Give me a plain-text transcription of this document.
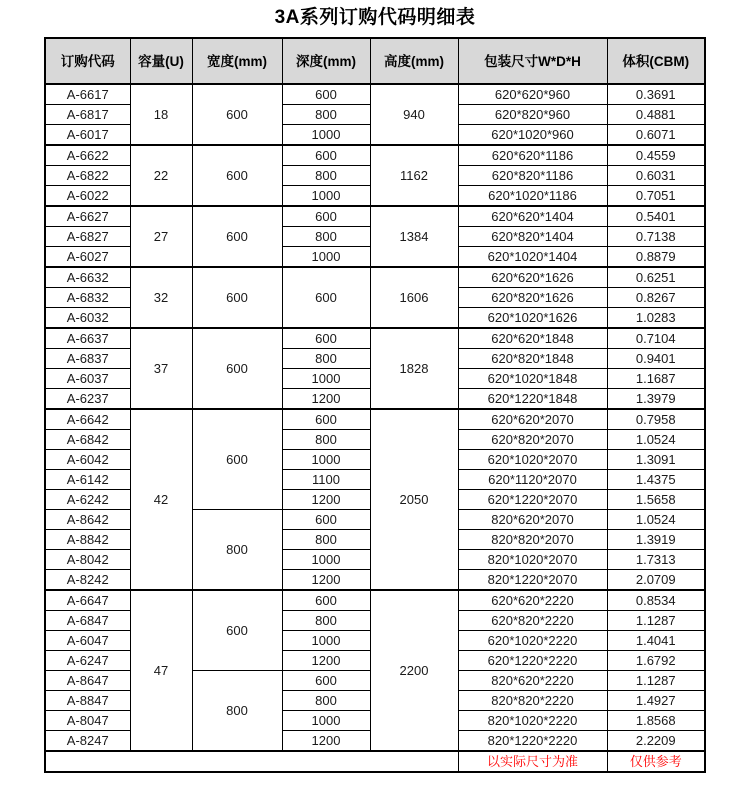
3A系列订购代码明细表
订购代码	容量(U)	宽度(mm)	深度(mm)	高度(mm)	包装尺寸W*D*H	体积(CBM)
A-6617	18	600	600	940	620*620*960	0.3691
A-6817			800		620*820*960	0.4881
A-6017			1000		620*1020*960	0.6071
A-6622	22	600	600	1162	620*620*1186	0.4559
A-6822			800		620*820*1186	0.6031
A-6022			1000		620*1020*1186	0.7051
A-6627	27	600	600	1384	620*620*1404	0.5401
A-6827			800		620*820*1404	0.7138
A-6027			1000		620*1020*1404	0.8879
A-6632	32	600	600	1606	620*620*1626	0.6251
A-6832					620*820*1626	0.8267
A-6032					620*1020*1626	1.0283
A-6637	37	600	600	1828	620*620*1848	0.7104
A-6837			800		620*820*1848	0.9401
A-6037			1000		620*1020*1848	1.1687
A-6237			1200		620*1220*1848	1.3979
A-6642	42	600	600	2050	620*620*2070	0.7958
A-6842			800		620*820*2070	1.0524
A-6042			1000		620*1020*2070	1.3091
A-6142			1100		620*1120*2070	1.4375
A-6242			1200		620*1220*2070	1.5658
A-8642		800	600		820*620*2070	1.0524
A-8842			800		820*820*2070	1.3919
A-8042			1000		820*1020*2070	1.7313
A-8242			1200		820*1220*2070	2.0709
A-6647	47	600	600	2200	620*620*2220	0.8534
A-6847			800		620*820*2220	1.1287
A-6047			1000		620*1020*2220	1.4041
A-6247			1200		620*1220*2220	1.6792
A-8647		800	600		820*620*2220	1.1287
A-8847			800		820*820*2220	1.4927
A-8047			1000		820*1020*2220	1.8568
A-8247			1200		820*1220*2220	2.2209
					以实际尺寸为准	仅供参考
